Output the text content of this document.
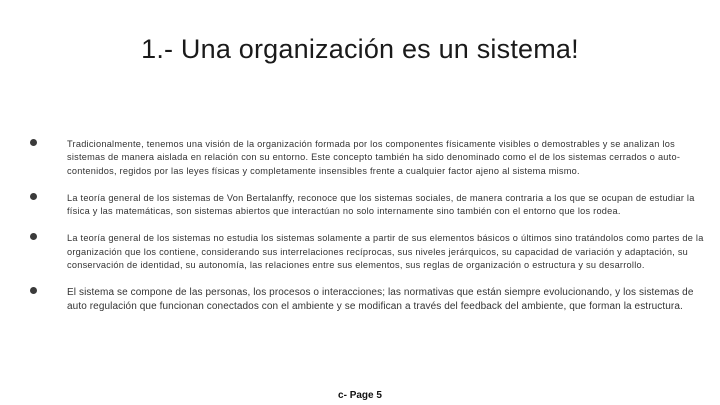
1.- Una organización es un sistema!
Tradicionalmente, tenemos una visión de la organización formada por los componentes físicamente visibles o demostrables y se analizan los sistemas de manera aislada en relación con su entorno. Este concepto también ha sido denominado como el de los sistemas cerrados o auto-contenidos, regidos por las leyes físicas y completamente insensibles frente a cualquier factor ajeno al sistema mismo.
La teoría general de los sistemas de Von Bertalanffy, reconoce que los sistemas sociales, de manera contraria a los que se ocupan de estudiar la física y las matemáticas, son sistemas abiertos que interactúan no solo internamente sino también con el entorno que los rodea.
La teoría general de los sistemas no estudia los sistemas solamente a partir de sus elementos básicos o últimos sino tratándolos como partes de la organización que los contiene, considerando sus interrelaciones recíprocas, sus niveles jerárquicos, su capacidad de variación y adaptación, su conservación de identidad, su autonomía, las relaciones entre sus elementos, sus reglas de organización o estructura y su desarrollo.
El sistema se compone de las personas, los procesos o interacciones; las normativas que están siempre evolucionando, y los sistemas de auto regulación que funcionan conectados con el ambiente y se modifican a través del feedback del ambiente, que forman la estructura.

c- Page 5
